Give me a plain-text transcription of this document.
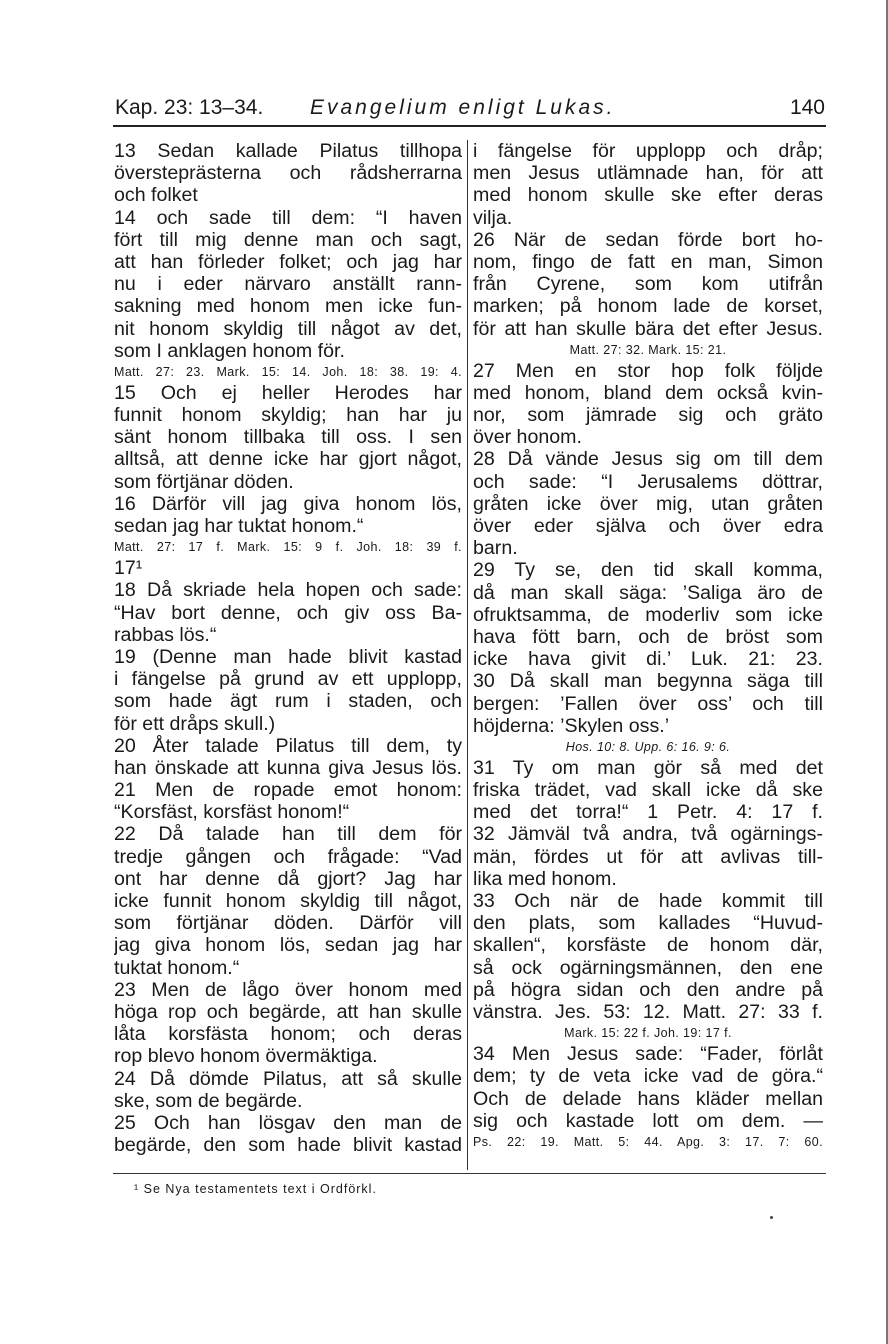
Kap. 23: 13–34. Evangelium enligt Lukas.	140
13 Sedan kallade Pilatus tillhopa
översteprästerna och rådsherrarna
och folket
14 och sade till dem: “I haven
fört till mig denne man och sagt,
att han förleder folket; och jag har
nu i eder närvaro anställt rann-
sakning med honom men icke fun-
nit honom skyldig till något av det,
som I anklagen honom för.
Matt. 27: 23. Mark. 15: 14. Joh. 18: 38. 19: 4.
15 Och ej heller Herodes har
funnit honom skyldig; han har ju
sänt honom tillbaka till oss. I sen
alltså, att denne icke har gjort något,
som förtjänar döden.
16 Därför vill jag giva honom lös,
sedan jag har tuktat honom.“
Matt. 27: 17 f. Mark. 15: 9 f. Joh. 18: 39 f.
17¹
18 Då skriade hela hopen och sade:
“Hav bort denne, och giv oss Ba-
rabbas lös.“
19 (Denne man hade blivit kastad
i fängelse på grund av ett upplopp,
som hade ägt rum i staden, och
för ett dråps skull.)
20 Åter talade Pilatus till dem, ty
han önskade att kunna giva Jesus lös.
21 Men de ropade emot honom:
“Korsfäst, korsfäst honom!“
22 Då talade han till dem för
tredje gången och frågade: “Vad
ont har denne då gjort? Jag har
icke funnit honom skyldig till något,
som förtjänar döden. Därför vill
jag giva honom lös, sedan jag har
tuktat honom.“
23 Men de lågo över honom med
höga rop och begärde, att han skulle
låta korsfästa honom; och deras
rop blevo honom övermäktiga.
24 Då dömde Pilatus, att så skulle
ske, som de begärde.
25 Och han lösgav den man de
begärde, den som hade blivit kastad
i fängelse för upplopp och dråp;
men Jesus utlämnade han, för att
med honom skulle ske efter deras
vilja.
26 När de sedan förde bort ho-
nom, fingo de fatt en man, Simon
från Cyrene, som kom utifrån
marken; på honom lade de korset,
för att han skulle bära det efter Jesus.
Matt. 27: 32. Mark. 15: 21.
27 Men en stor hop folk följde
med honom, bland dem också kvin-
nor, som jämrade sig och gräto
över honom.
28 Då vände Jesus sig om till dem
och sade: “I Jerusalems döttrar,
gråten icke över mig, utan gråten
över eder själva och över edra
barn.
29 Ty se, den tid skall komma,
då man skall säga: ’Saliga äro de
ofruktsamma, de moderliv som icke
hava fött barn, och de bröst som
icke hava givit di.’ Luk. 21: 23.
30 Då skall man begynna säga till
bergen: ’Fallen över oss’ och till
höjderna: ’Skylen oss.’
Hos. 10: 8. Upp. 6: 16. 9: 6.
31 Ty om man gör så med det
friska trädet, vad skall icke då ske
med det torra!“ 1 Petr. 4: 17 f.
32 Jämväl två andra, två ogärnings-
män, fördes ut för att avlivas till-
lika med honom.
33 Och när de hade kommit till
den plats, som kallades “Huvud-
skallen“, korsfäste de honom där,
så ock ogärningsmännen, den ene
på högra sidan och den andre på
vänstra. Jes. 53: 12. Matt. 27: 33 f.
Mark. 15: 22 f. Joh. 19: 17 f.
34 Men Jesus sade: “Fader, förlåt
dem; ty de veta icke vad de göra.“
Och de delade hans kläder mellan
sig och kastade lott om dem. —
Ps. 22: 19. Matt. 5: 44. Apg. 3: 17. 7: 60.
¹ Se Nya testamentets text i Ordförkl.
